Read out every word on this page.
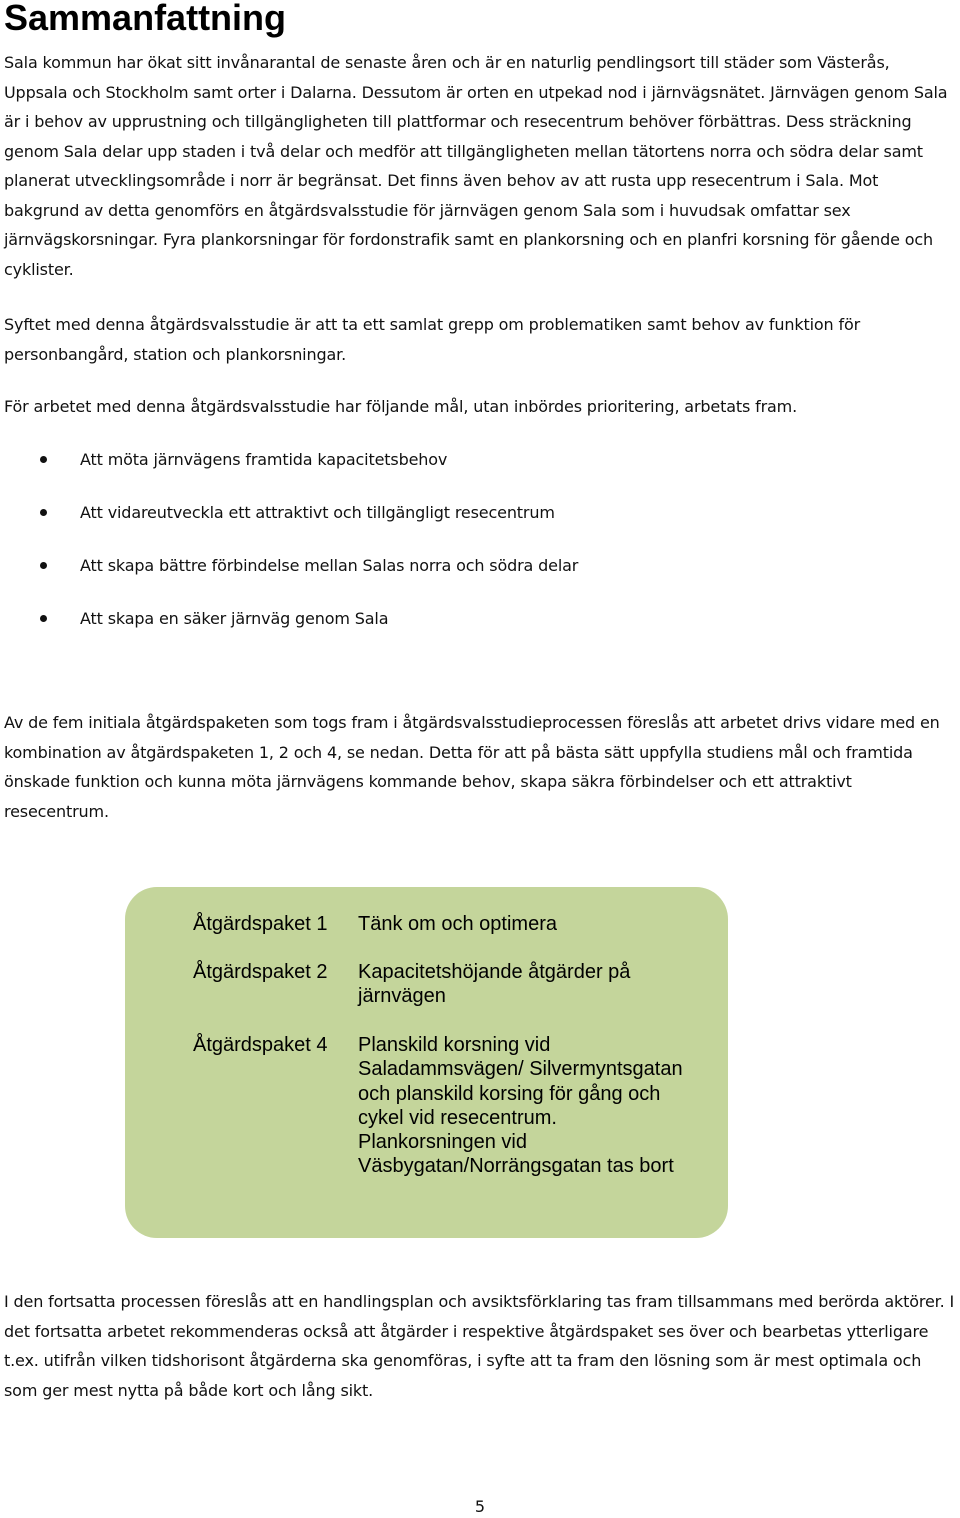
Sammanfattning

Sala kommun har ökat sitt invånarantal de senaste åren och är en naturlig pendlingsort till städer som Västerås, Uppsala och Stockholm samt orter i Dalarna. Dessutom är orten en utpekad nod i järnvägsnätet. Järnvägen genom Sala är i behov av upprustning och tillgängligheten till plattformar och resecentrum behöver förbättras. Dess sträckning genom Sala delar upp staden i två delar och medför att tillgängligheten mellan tätortens norra och södra delar samt planerat utvecklingsområde i norr är begränsat. Det finns även behov av att rusta upp resecentrum i Sala. Mot bakgrund av detta genomförs en åtgärdsvalsstudie för järnvägen genom Sala som i huvudsak omfattar sex järnvägskorsningar. Fyra plankorsningar för fordonstrafik samt en plankorsning och en planfri korsning för gående och cyklister.

Syftet med denna åtgärdsvalsstudie är att ta ett samlat grepp om problematiken samt behov av funktion för personbangård, station och plankorsningar.

För arbetet med denna åtgärdsvalsstudie har följande mål, utan inbördes prioritering, arbetats fram.

Att möta järnvägens framtida kapacitetsbehov
Att vidareutveckla ett attraktivt och tillgängligt resecentrum
Att skapa bättre förbindelse mellan Salas norra och södra delar
Att skapa en säker järnväg genom Sala

Av de fem initiala åtgärdspaketen som togs fram i åtgärdsvalsstudieprocessen föreslås att arbetet drivs vidare med en kombination av åtgärdspaketen 1, 2 och 4, se nedan. Detta för att på bästa sätt uppfylla studiens mål och framtida önskade funktion och kunna möta järnvägens kommande behov, skapa säkra förbindelser och ett attraktivt resecentrum.

Åtgärdspaket 1 Tänk om och optimera
Åtgärdspaket 2 Kapacitetshöjande åtgärder på järnvägen
Åtgärdspaket 4 Planskild korsning vid Saladammsvägen/ Silvermyntsgatan och planskild korsing för gång och cykel vid resecentrum. Plankorsningen vid Väsbygatan/Norrängsgatan tas bort

I den fortsatta processen föreslås att en handlingsplan och avsiktsförklaring tas fram tillsammans med berörda aktörer. I det fortsatta arbetet rekommenderas också att åtgärder i respektive åtgärdspaket ses över och bearbetas ytterligare t.ex. utifrån vilken tidshorisont åtgärderna ska genomföras, i syfte att ta fram den lösning som är mest optimala och som ger mest nytta på både kort och lång sikt.

5
